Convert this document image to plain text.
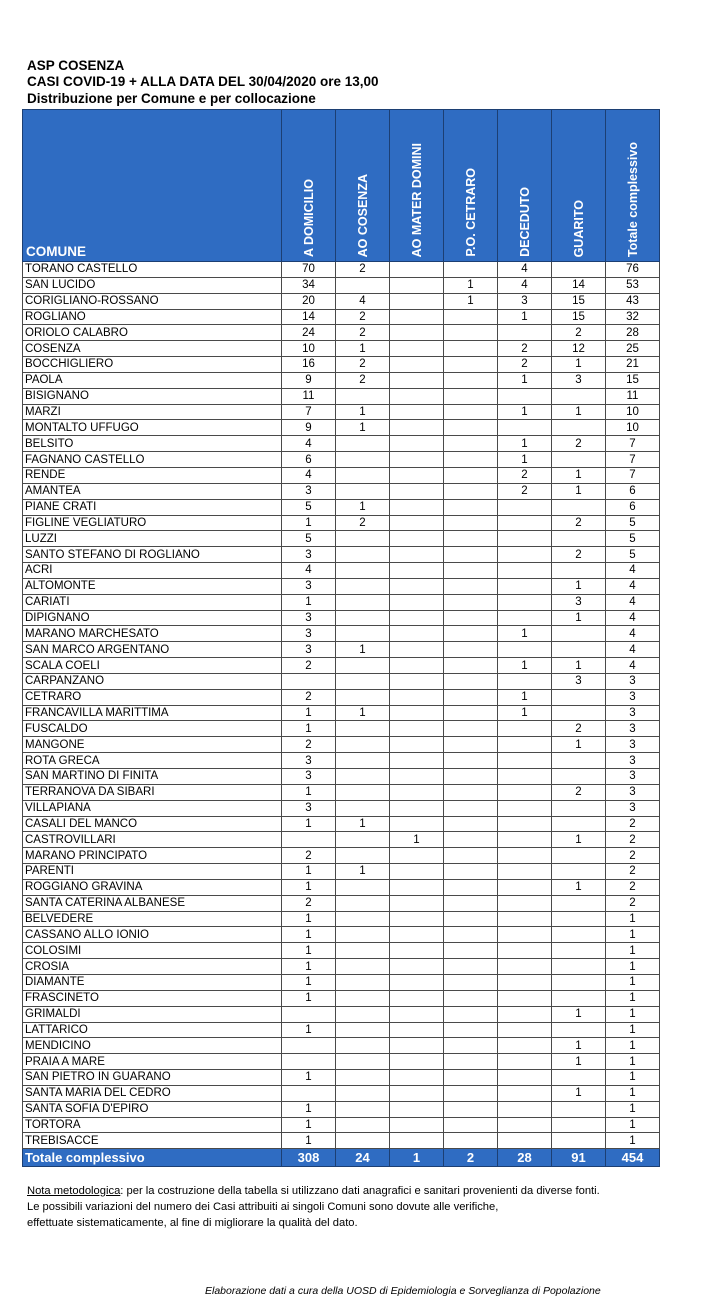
ASP COSENZA
CASI COVID-19 + ALLA DATA DEL 30/04/2020 ore 13,00
Distribuzione per Comune e per collocazione
COMUNE	A DOMICILIO	AO COSENZA	AO MATER DOMINI	P.O. CETRARO	DECEDUTO	GUARITO	Totale complessivo

TORANO CASTELLO	70	2			4		76
SAN LUCIDO	34			1	4	14	53
CORIGLIANO-ROSSANO	20	4		1	3	15	43
ROGLIANO	14	2			1	15	32
ORIOLO CALABRO	24	2				2	28
COSENZA	10	1			2	12	25
BOCCHIGLIERO	16	2			2	1	21
PAOLA	9	2			1	3	15
BISIGNANO	11						11
MARZI	7	1			1	1	10
MONTALTO UFFUGO	9	1					10
BELSITO	4				1	2	7
FAGNANO CASTELLO	6				1		7
RENDE	4				2	1	7
AMANTEA	3				2	1	6
PIANE CRATI	5	1					6
FIGLINE VEGLIATURO	1	2				2	5
LUZZI	5						5
SANTO STEFANO DI ROGLIANO	3					2	5
ACRI	4						4
ALTOMONTE	3					1	4
CARIATI	1					3	4
DIPIGNANO	3					1	4
MARANO MARCHESATO	3				1		4
SAN MARCO ARGENTANO	3	1					4
SCALA COELI	2				1	1	4
CARPANZANO						3	3
CETRARO	2				1		3
FRANCAVILLA MARITTIMA	1	1			1		3
FUSCALDO	1					2	3
MANGONE	2					1	3
ROTA GRECA	3						3
SAN MARTINO DI FINITA	3						3
TERRANOVA DA SIBARI	1					2	3
VILLAPIANA	3						3
CASALI DEL MANCO	1	1					2
CASTROVILLARI			1			1	2
MARANO PRINCIPATO	2						2
PARENTI	1	1					2
ROGGIANO GRAVINA	1					1	2
SANTA CATERINA ALBANESE	2						2
BELVEDERE	1						1
CASSANO ALLO IONIO	1						1
COLOSIMI	1						1
CROSIA	1						1
DIAMANTE	1						1
FRASCINETO	1						1
GRIMALDI						1	1
LATTARICO	1						1
MENDICINO						1	1
PRAIA A MARE						1	1
SAN PIETRO IN GUARANO	1						1
SANTA MARIA DEL CEDRO						1	1
SANTA SOFIA D'EPIRO	1						1
TORTORA	1						1
TREBISACCE	1						1
Totale complessivo	308	24	1	2	28	91	454
Nota metodologica: per la costruzione della tabella si utilizzano dati anagrafici e sanitari provenienti da diverse fonti.
Le possibili variazioni del numero dei Casi attribuiti ai singoli Comuni sono dovute alle verifiche,
effettuate sistematicamente, al fine di migliorare la qualità del dato.
Elaborazione dati a cura della UOSD di Epidemiologia e Sorveglianza di Popolazione
